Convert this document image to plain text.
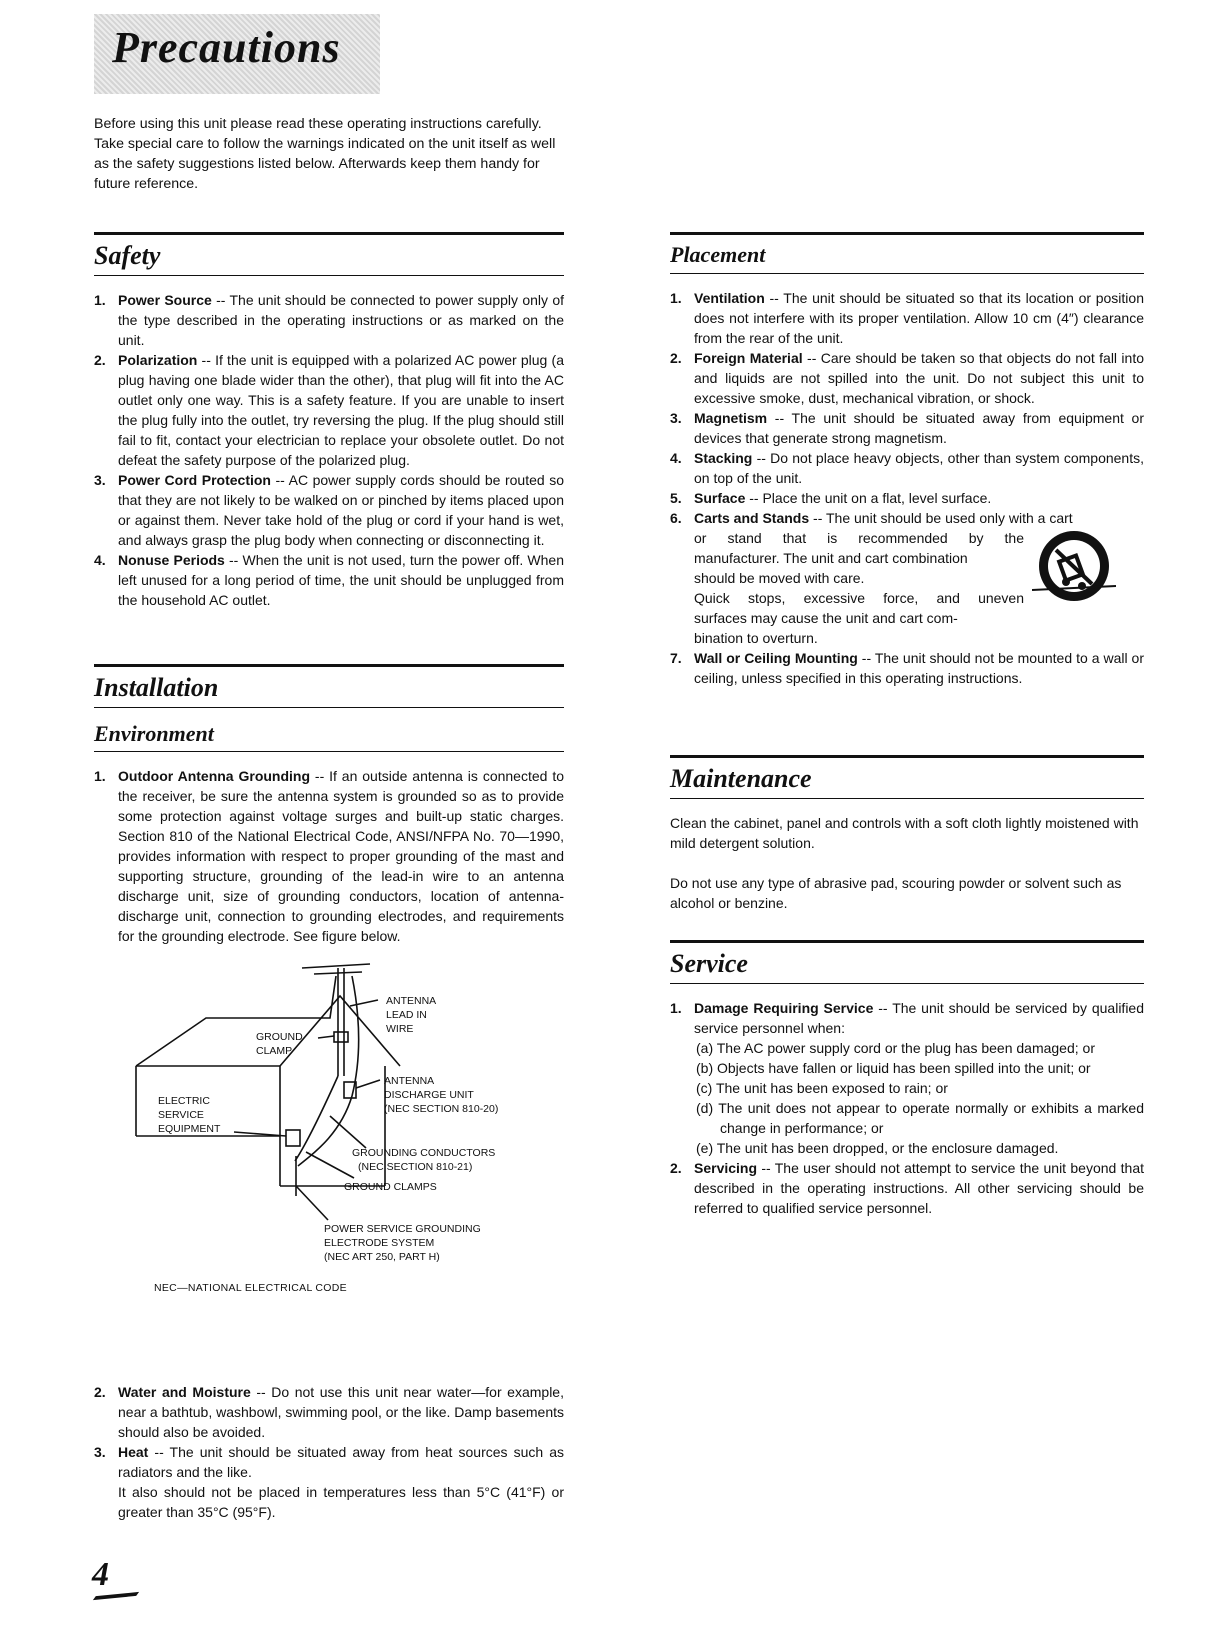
Precautions

Before using this unit please read these operating instructions carefully. Take special care to follow the warnings indicated on the unit itself as well as the safety suggestions listed below. Afterwards keep them handy for future reference.

Safety
1. Power Source -- The unit should be connected to power supply only of the type described in the operating instructions or as marked on the unit.
2. Polarization -- If the unit is equipped with a polarized AC power plug (a plug having one blade wider than the other), that plug will fit into the AC outlet only one way. This is a safety feature. If you are unable to insert the plug fully into the outlet, try reversing the plug. If the plug should still fail to fit, contact your electrician to replace your obsolete outlet. Do not defeat the safety purpose of the polarized plug.
3. Power Cord Protection -- AC power supply cords should be routed so that they are not likely to be walked on or pinched by items placed upon or against them. Never take hold of the plug or cord if your hand is wet, and always grasp the plug body when connecting or disconnecting it.
4. Nonuse Periods -- When the unit is not used, turn the power off. When left unused for a long period of time, the unit should be unplugged from the household AC outlet.
Installation
Environment
1. Outdoor Antenna Grounding -- If an outside antenna is connected to the receiver, be sure the antenna system is grounded so as to provide some protection against voltage surges and built-up static charges. Section 810 of the National Electrical Code, ANSI/NFPA No. 70—1990, provides information with respect to proper grounding of the mast and supporting structure, grounding of the lead-in wire to an antenna discharge unit, size of grounding conductors, location of antenna-discharge unit, connection to grounding electrodes, and requirements for the grounding electrode. See figure below.
ANTENNA
LEAD IN
WIRE
GROUND
CLAMP
ANTENNA
DISCHARGE UNIT
(NEC SECTION 810-20)
ELECTRIC
SERVICE
EQUIPMENT
GROUNDING CONDUCTORS
(NEC SECTION 810-21)
GROUND CLAMPS
POWER SERVICE GROUNDING
ELECTRODE SYSTEM
(NEC ART 250, PART H)

NEC—NATIONAL ELECTRICAL CODE

2. Water and Moisture -- Do not use this unit near water—for example, near a bathtub, washbowl, swimming pool, or the like. Damp basements should also be avoided.
3. Heat -- The unit should be situated away from heat sources such as radiators and the like.
It also should not be placed in temperatures less than 5°C (41°F) or greater than 35°C (95°F).
Placement
1. Ventilation -- The unit should be situated so that its location or position does not interfere with its proper ventilation. Allow 10 cm (4″) clearance from the rear of the unit.
2. Foreign Material -- Care should be taken so that objects do not fall into and liquids are not spilled into the unit. Do not subject this unit to excessive smoke, dust, mechanical vibration, or shock.
3. Magnetism -- The unit should be situated away from equipment or devices that generate strong magnetism.
4. Stacking -- Do not place heavy objects, other than system components, on top of the unit.
5. Surface -- Place the unit on a flat, level surface.
6. Carts and Stands -- The unit should be used only with a cart
or stand that is recommended by the
manufacturer. The unit and cart combination
should be moved with care.
Quick stops, excessive force, and uneven
surfaces may cause the unit and cart com-
bination to overturn.
7. Wall or Ceiling Mounting -- The unit should not be mounted to a wall or ceiling, unless specified in this operating instructions.
Maintenance

Clean the cabinet, panel and controls with a soft cloth lightly moistened with mild detergent solution.

Do not use any type of abrasive pad, scouring powder or solvent such as alcohol or benzine.

Service
1. Damage Requiring Service -- The unit should be serviced by qualified service personnel when:
(a) The AC power supply cord or the plug has been damaged; or
(b) Objects have fallen or liquid has been spilled into the unit; or
(c) The unit has been exposed to rain; or
(d) The unit does not appear to operate normally or exhibits a marked change in performance; or
(e) The unit has been dropped, or the enclosure damaged.
2. Servicing -- The user should not attempt to service the unit beyond that described in the operating instructions. All other servicing should be referred to qualified service personnel.
4
